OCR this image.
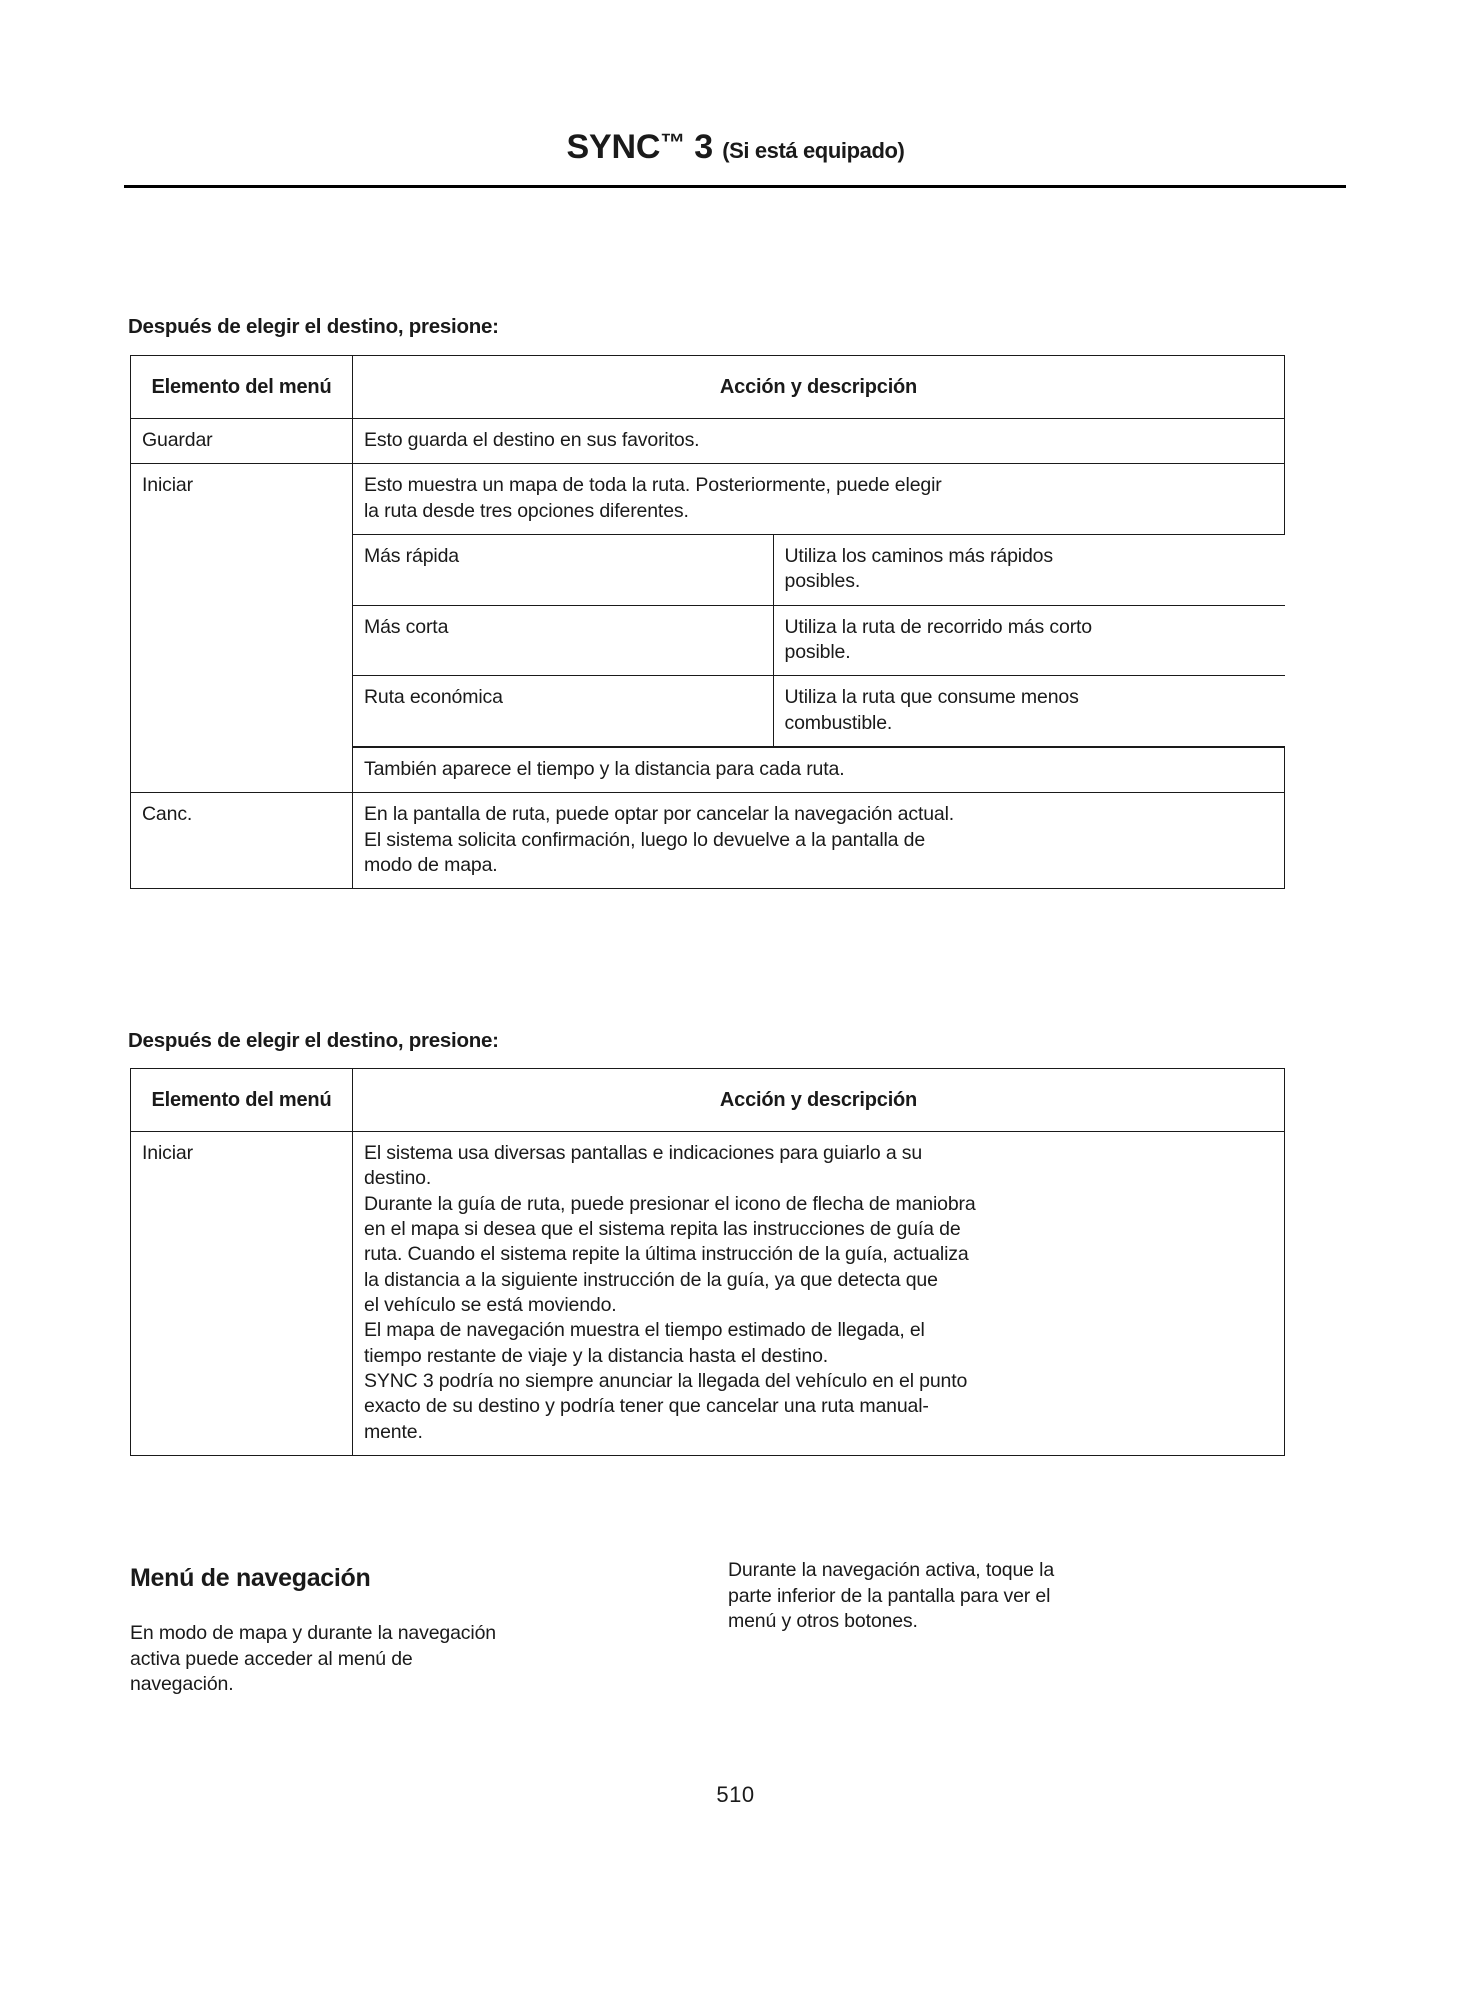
SYNC™ 3 (Si está equipado)
Después de elegir el destino, presione:
Elemento del menú	Acción y descripción
Guardar	Esto guarda el destino en sus favoritos.
Iniciar	Esto muestra un mapa de toda la ruta. Posteriormente, puede elegir
la ruta desde tres opciones diferentes.

Más rápida	Utiliza los caminos más rápidos
posibles.

Más corta	Utiliza la ruta de recorrido más corto
posible.

Ruta económica	Utiliza la ruta que consume menos
combustible.

También aparece el tiempo y la distancia para cada ruta.
Canc.	En la pantalla de ruta, puede optar por cancelar la navegación actual.
El sistema solicita confirmación, luego lo devuelve a la pantalla de
modo de mapa.
Después de elegir el destino, presione:
Elemento del menú	Acción y descripción
Iniciar	El sistema usa diversas pantallas e indicaciones para guiarlo a su
destino.
Durante la guía de ruta, puede presionar el icono de flecha de maniobra
en el mapa si desea que el sistema repita las instrucciones de guía de
ruta. Cuando el sistema repite la última instrucción de la guía, actualiza
la distancia a la siguiente instrucción de la guía, ya que detecta que
el vehículo se está moviendo.
El mapa de navegación muestra el tiempo estimado de llegada, el
tiempo restante de viaje y la distancia hasta el destino.
SYNC 3 podría no siempre anunciar la llegada del vehículo en el punto
exacto de su destino y podría tener que cancelar una ruta manual-
mente.
Menú de navegación

En modo de mapa y durante la navegación
activa puede acceder al menú de
navegación.

Durante la navegación activa, toque la
parte inferior de la pantalla para ver el
menú y otros botones.

510
